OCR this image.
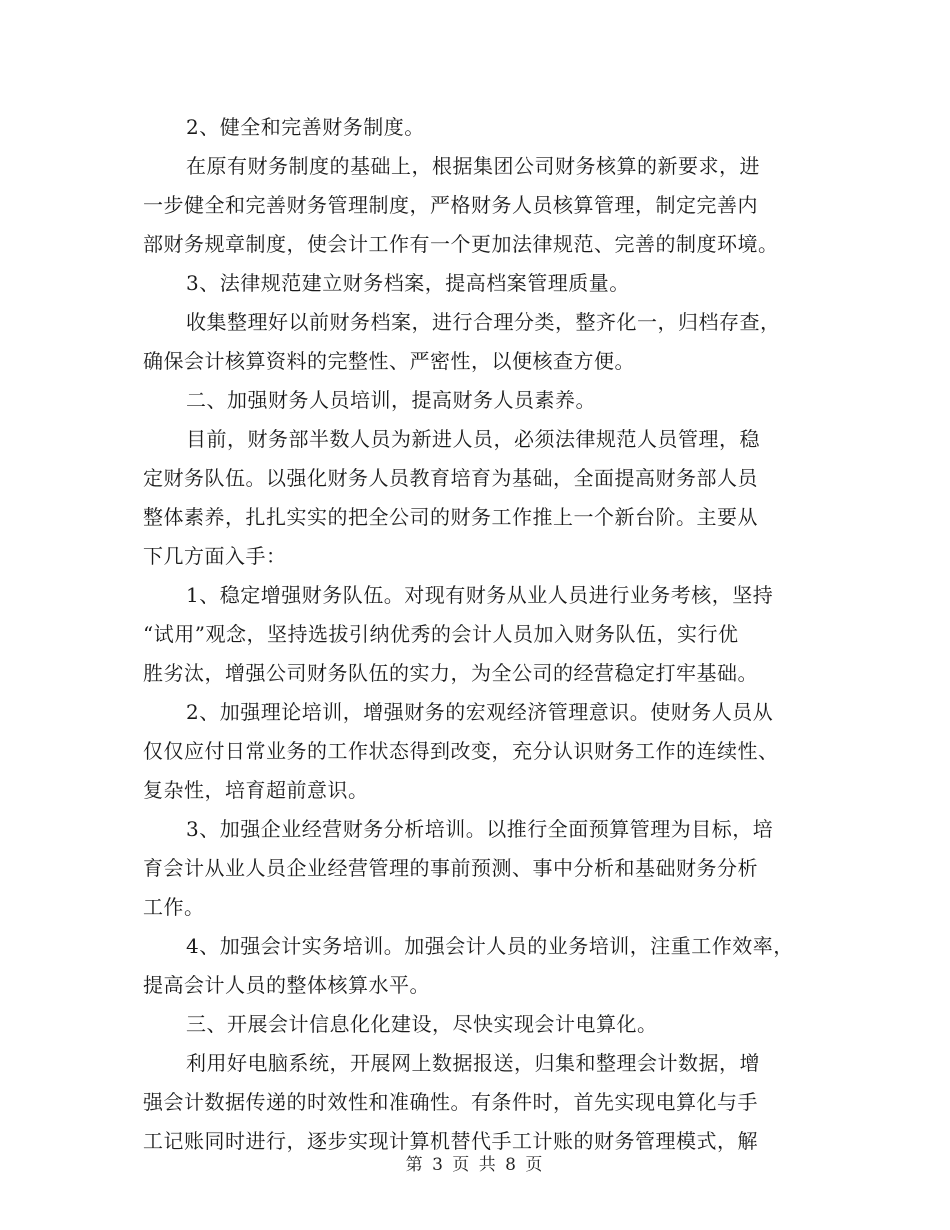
2、健全和完善财务制度。

在原有财务制度的基础上，根据集团公司财务核算的新要求，进
一步健全和完善财务管理制度，严格财务人员核算管理，制定完善内
部财务规章制度，使会计工作有一个更加法律规范、完善的制度环境。

3、法律规范建立财务档案，提高档案管理质量。

收集整理好以前财务档案，进行合理分类，整齐化一，归档存查，
确保会计核算资料的完整性、严密性，以便核查方便。

二、加强财务人员培训，提高财务人员素养。

目前，财务部半数人员为新进人员，必须法律规范人员管理，稳
定财务队伍。以强化财务人员教育培育为基础，全面提高财务部人员
整体素养，扎扎实实的把全公司的财务工作推上一个新台阶。主要从
下几方面入手：

1、稳定增强财务队伍。对现有财务从业人员进行业务考核，坚持
“试用”观念，坚持选拔引纳优秀的会计人员加入财务队伍，实行优
胜劣汰，增强公司财务队伍的实力，为全公司的经营稳定打牢基础。

2、加强理论培训，增强财务的宏观经济管理意识。使财务人员从
仅仅应付日常业务的工作状态得到改变，充分认识财务工作的连续性、
复杂性，培育超前意识。

3、加强企业经营财务分析培训。以推行全面预算管理为目标，培
育会计从业人员企业经营管理的事前预测、事中分析和基础财务分析
工作。

4、加强会计实务培训。加强会计人员的业务培训，注重工作效率，
提高会计人员的整体核算水平。

三、开展会计信息化化建设，尽快实现会计电算化。

利用好电脑系统，开展网上数据报送，归集和整理会计数据，增
强会计数据传递的时效性和准确性。有条件时，首先实现电算化与手
工记账同时进行，逐步实现计算机替代手工计账的财务管理模式，解

第 3 页 共 8 页
